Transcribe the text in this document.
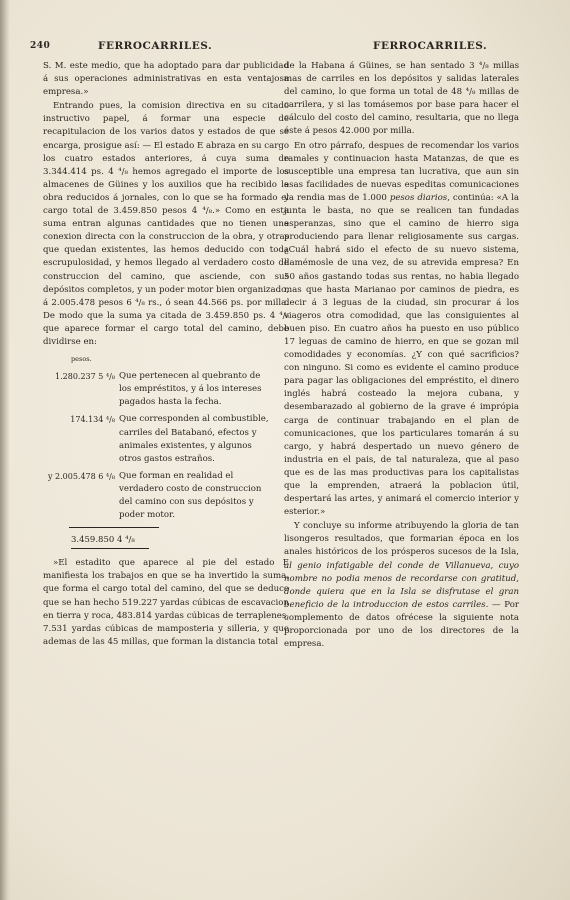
240	FERROCARRILES.	FERROCARRILES.

S. M. este medio, que ha adoptado para dar publicidad á sus operaciones administrativas en esta ventajosa empresa.»

Entrando pues, la comision directiva en su citado instructivo papel, á formar una especie de recapitulacion de los varios datos y estados de que se encarga, prosigue así: — El estado E abraza en su cargo los cuatro estados anteriores, á cuya suma de 3.344.414 ps. 4 ⁴/₈ hemos agregado el importe de los almacenes de Güines y los auxilios que ha recibido la obra reducidos á jornales, con lo que se ha formado el cargo total de 3.459.850 pesos 4 ⁴/₈.» Como en esta suma entran algunas cantidades que no tienen una conexion directa con la construccion de la obra, y otras que quedan existentes, las hemos deducido con toda escrupulosidad, y hemos llegado al verdadero costo de construccion del camino, que asciende, con sus depósitos completos, y un poder motor bien organizado, á 2.005.478 pesos 6 ⁴/₈ rs., ó sean 44.566 ps. por milla. De modo que la suma ya citada de 3.459.850 ps. 4 ⁴/₈ que aparece formar el cargo total del camino, debe dividirse en:

pesos.
1.280.237 5 ⁴/₈ Que pertenecen al quebranto de los empréstitos, y á los intereses pagados hasta la fecha.
174.134 ⁴/₈ Que corresponden al combustible, carriles del Batabanó, efectos y animales existentes, y algunos otros gastos estraños.
y 2.005.478 6 ⁴/₈ Que forman en realidad el verdadero costo de construccion del camino con sus depósitos y poder motor.
3.459.850 4 ⁴/₈

»El estadito que aparece al pie del estado E manifiesta los trabajos en que se ha invertido la suma, que forma el cargo total del camino, del que se deduce que se han hecho 519.227 yardas cúbicas de escavacion en tierra y roca, 483.814 yardas cúbicas de terraplenes, 7.531 yardas cúbicas de mamposteria y silleria, y que ademas de las 45 millas, que forman la distancia total

de la Habana á Güines, se han sentado 3 ⁴/₈ millas mas de carriles en los depósitos y salidas laterales del camino, lo que forma un total de 48 ⁴/₈ millas de carrilera, y si las tomásemos por base para hacer el cálculo del costo del camino, resultaria, que no llega éste á pesos 42.000 por milla.

En otro párrafo, despues de recomendar los varios ramales y continuacion hasta Matanzas, de que es susceptible una empresa tan lucrativa, que aun sin esas facilidades de nuevas espeditas comunicaciones ya rendia mas de 1.000 pesos diarios, continúa: «A la junta le basta, no que se realicen tan fundadas esperanzas, sino que el camino de hierro siga produciendo para llenar religiosamente sus cargas. ¿Cuál habrá sido el efecto de su nuevo sistema, llamémosle de una vez, de su atrevida empresa? En 50 años gastando todas sus rentas, no habia llegado mas que hasta Marianao por caminos de piedra, es decir á 3 leguas de la ciudad, sin procurar á los viageros otra comodidad, que las consiguientes al buen piso. En cuatro años ha puesto en uso público 17 leguas de camino de hierro, en que se gozan mil comodidades y economías. ¿Y con qué sacrificios? con ninguno. Si como es evidente el camino produce para pagar las obligaciones del empréstito, el dinero inglés habrá costeado la mejora cubana, y desembarazado al gobierno de la grave é imprópia carga de continuar trabajando en el plan de comunicaciones, que los particulares tomarán á su cargo, y habrá despertado un nuevo género de industria en el pais, de tal naturaleza, que al paso que es de las mas productivas para los capitalistas que la emprenden, atraerá la poblacion útil, despertará las artes, y animará el comercio interior y esterior.»

Y concluye su informe atribuyendo la gloria de tan lisongeros resultados, que formarian época en los anales históricos de los prósperos sucesos de la Isla, al genio infatigable del conde de Villanueva, cuyo nombre no podia menos de recordarse con gratitud, donde quiera que en la Isla se disfrutase el gran beneficio de la introduccion de estos carriles. — Por complemento de datos ofrécese la siguiente nota proporcionada por uno de los directores de la empresa.
